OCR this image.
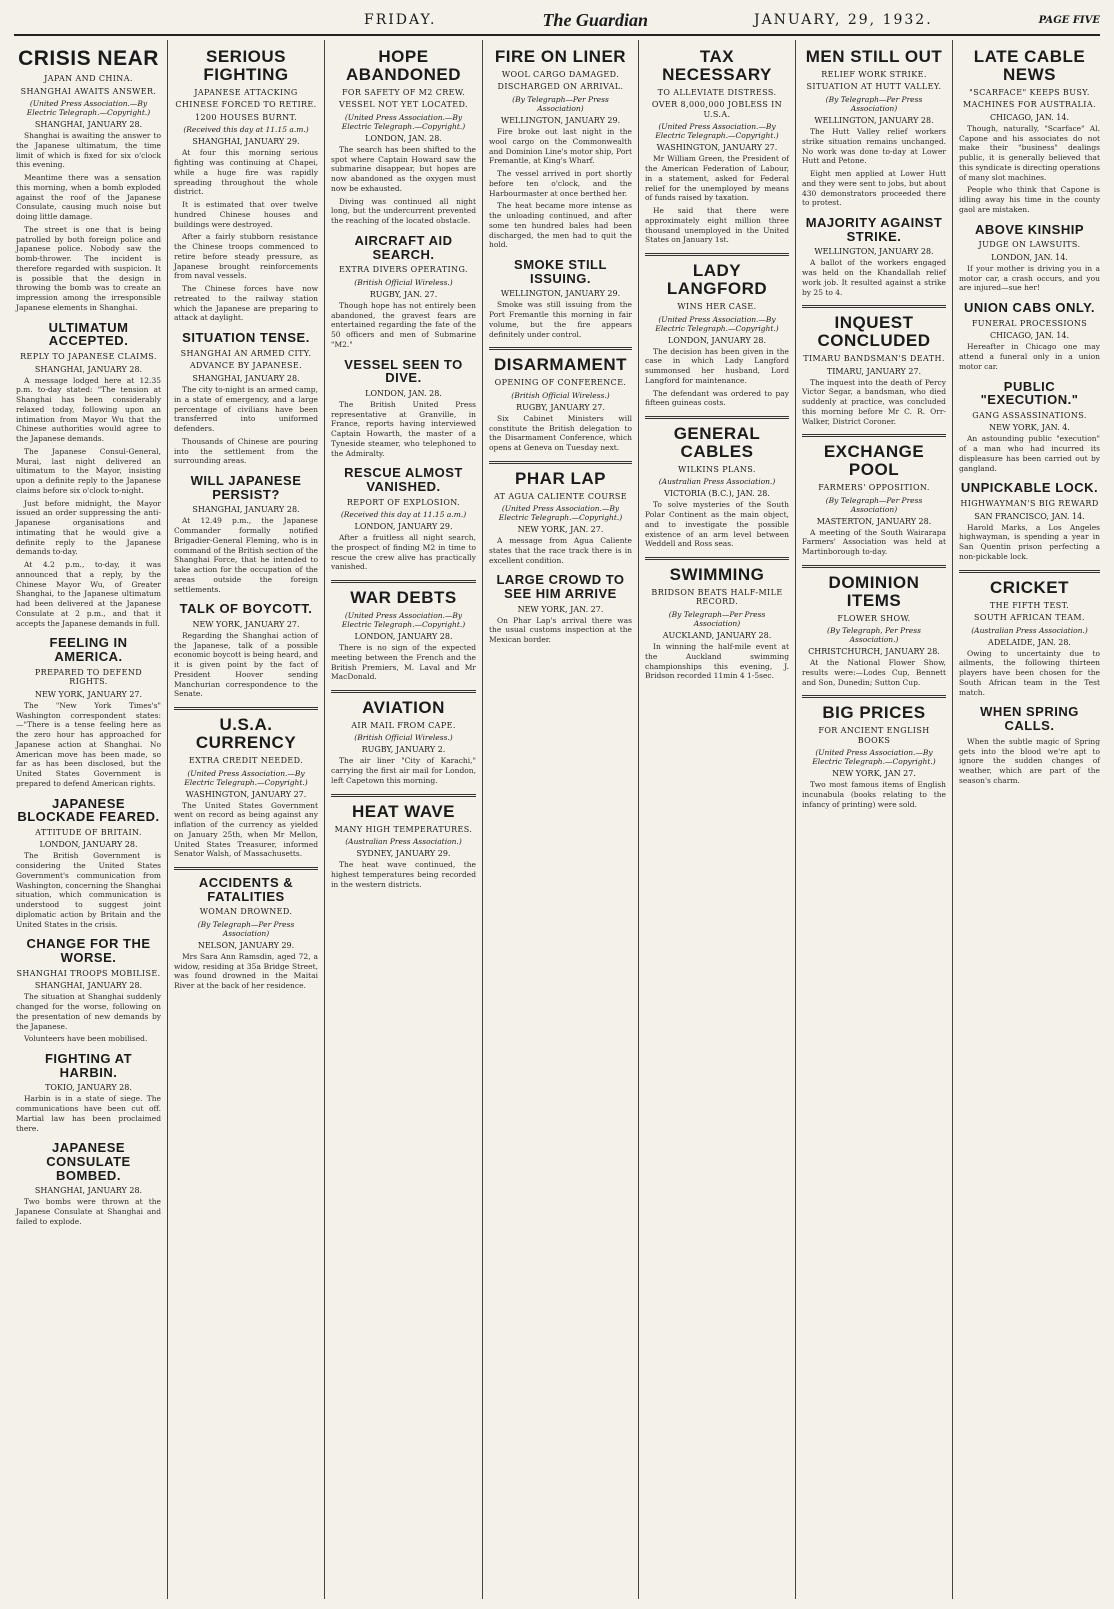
FRIDAY.	The Guardian	JANUARY, 29, 1932.	PAGE FIVE
CRISIS NEAR
JAPAN AND CHINA.
SHANGHAI AWAITS ANSWER.
(United Press Association.—By Electric Telegraph.—Copyright.)
SHANGHAI, JANUARY 28.

Shanghai is awaiting the answer to the Japanese ultimatum, the time limit of which is fixed for six o'clock this evening.

Meantime there was a sensation this morning, when a bomb exploded against the roof of the Japanese Consulate, causing much noise but doing little damage.

The street is one that is being patrolled by both foreign police and Japanese police. Nobody saw the bomb-thrower. The incident is therefore regarded with suspicion. It is possible that the design in throwing the bomb was to create an impression among the irresponsible Japanese elements in Shanghai.

ULTIMATUM ACCEPTED.
REPLY TO JAPANESE CLAIMS.
SHANGHAI, JANUARY 28.

A message lodged here at 12.35 p.m. to-day stated: "The tension at Shanghai has been considerably relaxed today, following upon an intimation from Mayor Wu that the Chinese authorities would agree to the Japanese demands.

The Japanese Consul-General, Murai, last night delivered an ultimatum to the Mayor, insisting upon a definite reply to the Japanese claims before six o'clock to-night.

Just before midnight, the Mayor issued an order suppressing the anti-Japanese organisations and intimating that he would give a definite reply to the Japanese demands to-day.

At 4.2 p.m., to-day, it was announced that a reply, by the Chinese Mayor Wu, of Greater Shanghai, to the Japanese ultimatum had been delivered at the Japanese Consulate at 2 p.m., and that it accepts the Japanese demands in full.

FEELING IN AMERICA.
PREPARED TO DEFEND RIGHTS.
NEW YORK, JANUARY 27.

The "New York Times's" Washington correspondent states:—"There is a tense feeling here as the zero hour has approached for Japanese action at Shanghai. No American move has been made, so far as has been disclosed, but the United States Government is prepared to defend American rights.

JAPANESE BLOCKADE FEARED.
ATTITUDE OF BRITAIN.
LONDON, JANUARY 28.

The British Government is considering the United States Government's communication from Washington, concerning the Shanghai situation, which communication is understood to suggest joint diplomatic action by Britain and the United States in the crisis.

CHANGE FOR THE WORSE.
SHANGHAI TROOPS MOBILISE.
SHANGHAI, JANUARY 28.

The situation at Shanghai suddenly changed for the worse, following on the presentation of new demands by the Japanese.

Volunteers have been mobilised.

FIGHTING AT HARBIN.
TOKIO, JANUARY 28.

Harbin is in a state of siege. The communications have been cut off. Martial law has been proclaimed there.

JAPANESE CONSULATE BOMBED.
SHANGHAI, JANUARY 28.

Two bombs were thrown at the Japanese Consulate at Shanghai and failed to explode.

SERIOUS FIGHTING
JAPANESE ATTACKING
CHINESE FORCED TO RETIRE.
1200 HOUSES BURNT.
(Received this day at 11.15 a.m.)
SHANGHAI, JANUARY 29.

At four this morning serious fighting was continuing at Chapei, while a huge fire was rapidly spreading throughout the whole district.

It is estimated that over twelve hundred Chinese houses and buildings were destroyed.

After a fairly stubborn resistance the Chinese troops commenced to retire before steady pressure, as Japanese brought reinforcements from naval vessels.

The Chinese forces have now retreated to the railway station which the Japanese are preparing to attack at daylight.

SITUATION TENSE.
SHANGHAI AN ARMED CITY.
ADVANCE BY JAPANESE.
SHANGHAI, JANUARY 28.

The city to-night is an armed camp, in a state of emergency, and a large percentage of civilians have been transferred into uniformed defenders.

Thousands of Chinese are pouring into the settlement from the surrounding areas.

WILL JAPANESE PERSIST?
SHANGHAI, JANUARY 28.

At 12.49 p.m., the Japanese Commander formally notified Brigadier-General Fleming, who is in command of the British section of the Shanghai Force, that he intended to take action for the occupation of the areas outside the foreign settlements.

TALK OF BOYCOTT.
NEW YORK, JANUARY 27.

Regarding the Shanghai action of the Japanese, talk of a possible economic boycott is being heard, and it is given point by the fact of President Hoover sending Manchurian correspondence to the Senate.

U.S.A. CURRENCY
EXTRA CREDIT NEEDED.
(United Press Association.—By Electric Telegraph.—Copyright.)
WASHINGTON, JANUARY 27.

The United States Government went on record as being against any inflation of the currency as yielded on January 25th, when Mr Mellon, United States Treasurer, informed Senator Walsh, of Massachusetts.

ACCIDENTS & FATALITIES
WOMAN DROWNED.
(By Telegraph—Per Press Association)
NELSON, JANUARY 29.

Mrs Sara Ann Ramsdin, aged 72, a widow, residing at 35a Bridge Street, was found drowned in the Maitai River at the back of her residence.

HOPE ABANDONED
FOR SAFETY OF M2 CREW.
VESSEL NOT YET LOCATED.
(United Press Association.—By Electric Telegraph.—Copyright.)
LONDON, JAN. 28.

The search has been shifted to the spot where Captain Howard saw the submarine disappear, but hopes are now abandoned as the oxygen must now be exhausted.

Diving was continued all night long, but the undercurrent prevented the reaching of the located obstacle.

AIRCRAFT AID SEARCH.
EXTRA DIVERS OPERATING.
(British Official Wireless.)
RUGBY, JAN. 27.

Though hope has not entirely been abandoned, the gravest fears are entertained regarding the fate of the 50 officers and men of Submarine "M2."

VESSEL SEEN TO DIVE.
LONDON, JAN. 28.

The British United Press representative at Granville, in France, reports having interviewed Captain Howarth, the master of a Tyneside steamer, who telephoned to the Admiralty.

RESCUE ALMOST VANISHED.
REPORT OF EXPLOSION.
(Received this day at 11.15 a.m.)
LONDON, JANUARY 29.

After a fruitless all night search, the prospect of finding M2 in time to rescue the crew alive has practically vanished.

WAR DEBTS
(United Press Association.—By Electric Telegraph.—Copyright.)
LONDON, JANUARY 28.

There is no sign of the expected meeting between the French and the British Premiers, M. Laval and Mr MacDonald.

AVIATION
AIR MAIL FROM CAPE.
(British Official Wireless.)
RUGBY, JANUARY 2.

The air liner "City of Karachi," carrying the first air mail for London, left Capetown this morning.

HEAT WAVE
MANY HIGH TEMPERATURES.
(Australian Press Association.)
SYDNEY, JANUARY 29.

The heat wave continued, the highest temperatures being recorded in the western districts.

FIRE ON LINER
WOOL CARGO DAMAGED.
DISCHARGED ON ARRIVAL.
(By Telegraph—Per Press Association)
WELLINGTON, JANUARY 29.

Fire broke out last night in the wool cargo on the Commonwealth and Dominion Line's motor ship, Port Fremantle, at King's Wharf.

The vessel arrived in port shortly before ten o'clock, and the Harbourmaster at once berthed her.

The heat became more intense as the unloading continued, and after some ten hundred bales had been discharged, the men had to quit the hold.

SMOKE STILL ISSUING.
WELLINGTON, JANUARY 29.

Smoke was still issuing from the Port Fremantle this morning in fair volume, but the fire appears definitely under control.

DISARMAMENT
OPENING OF CONFERENCE.
(British Official Wireless.)
RUGBY, JANUARY 27.

Six Cabinet Ministers will constitute the British delegation to the Disarmament Conference, which opens at Geneva on Tuesday next.

PHAR LAP
AT AGUA CALIENTE COURSE
(United Press Association.—By Electric Telegraph.—Copyright.)
NEW YORK, JAN. 27.

A message from Agua Caliente states that the race track there is in excellent condition.

LARGE CROWD TO SEE HIM ARRIVE
NEW YORK, JAN. 27.

On Phar Lap's arrival there was the usual customs inspection at the Mexican border.

TAX NECESSARY
TO ALLEVIATE DISTRESS.
OVER 8,000,000 JOBLESS IN U.S.A.
(United Press Association.—By Electric Telegraph.—Copyright.)
WASHINGTON, JANUARY 27.

Mr William Green, the President of the American Federation of Labour, in a statement, asked for Federal relief for the unemployed by means of funds raised by taxation.

He said that there were approximately eight million three thousand unemployed in the United States on January 1st.

LADY LANGFORD
WINS HER CASE.
(United Press Association.—By Electric Telegraph.—Copyright.)
LONDON, JANUARY 28.

The decision has been given in the case in which Lady Langford summonsed her husband, Lord Langford for maintenance.

The defendant was ordered to pay fifteen guineas costs.

GENERAL CABLES
WILKINS PLANS.
(Australian Press Association.)
VICTORIA (B.C.), JAN. 28.

To solve mysteries of the South Polar Continent as the main object, and to investigate the possible existence of an arm level between Weddell and Ross seas.

SWIMMING
BRIDSON BEATS HALF-MILE RECORD.
(By Telegraph—Per Press Association)
AUCKLAND, JANUARY 28.

In winning the half-mile event at the Auckland swimming championships this evening, J. Bridson recorded 11min 4 1-5sec.

MEN STILL OUT
RELIEF WORK STRIKE.
SITUATION AT HUTT VALLEY.
(By Telegraph—Per Press Association)
WELLINGTON, JANUARY 28.

The Hutt Valley relief workers strike situation remains unchanged. No work was done to-day at Lower Hutt and Petone.

Eight men applied at Lower Hutt and they were sent to jobs, but about 430 demonstrators proceeded there to protest.

MAJORITY AGAINST STRIKE.
WELLINGTON, JANUARY 28.

A ballot of the workers engaged was held on the Khandallah relief work job. It resulted against a strike by 25 to 4.

INQUEST CONCLUDED
TIMARU BANDSMAN'S DEATH.
TIMARU, JANUARY 27.

The inquest into the death of Percy Victor Segar, a bandsman, who died suddenly at practice, was concluded this morning before Mr C. R. Orr-Walker, District Coroner.

EXCHANGE POOL
FARMERS' OPPOSITION.
(By Telegraph—Per Press Association)
MASTERTON, JANUARY 28.

A meeting of the South Wairarapa Farmers' Association was held at Martinborough to-day.

DOMINION ITEMS
FLOWER SHOW.
(By Telegraph, Per Press Association.)
CHRISTCHURCH, JANUARY 28.

At the National Flower Show, results were:—Lodes Cup, Bennett and Son, Dunedin; Sutton Cup.

BIG PRICES
FOR ANCIENT ENGLISH BOOKS
(United Press Association.—By Electric Telegraph.—Copyright.)
NEW YORK, JAN 27.

Two most famous items of English incunabula (books relating to the infancy of printing) were sold.

LATE CABLE NEWS
"SCARFACE" KEEPS BUSY.
MACHINES FOR AUSTRALIA.
CHICAGO, JAN. 14.

Though, naturally, "Scarface" Al. Capone and his associates do not make their "business" dealings public, it is generally believed that this syndicate is directing operations of many slot machines.

People who think that Capone is idling away his time in the county gaol are mistaken.

ABOVE KINSHIP
JUDGE ON LAWSUITS.
LONDON, JAN. 14.

If your mother is driving you in a motor car, a crash occurs, and you are injured—sue her!

UNION CABS ONLY.
FUNERAL PROCESSIONS
CHICAGO, JAN. 14.

Hereafter in Chicago one may attend a funeral only in a union motor car.

PUBLIC "EXECUTION."
GANG ASSASSINATIONS.
NEW YORK, JAN. 4.

An astounding public "execution" of a man who had incurred its displeasure has been carried out by gangland.

UNPICKABLE LOCK.
HIGHWAYMAN'S BIG REWARD
SAN FRANCISCO, JAN. 14.

Harold Marks, a Los Angeles highwayman, is spending a year in San Quentin prison perfecting a non-pickable lock.

CRICKET
THE FIFTH TEST.
SOUTH AFRICAN TEAM.
(Australian Press Association.)
ADELAIDE, JAN. 28.

Owing to uncertainty due to ailments, the following thirteen players have been chosen for the South African team in the Test match.

WHEN SPRING CALLS.

When the subtle magic of Spring gets into the blood we're apt to ignore the sudden changes of weather, which are part of the season's charm.
